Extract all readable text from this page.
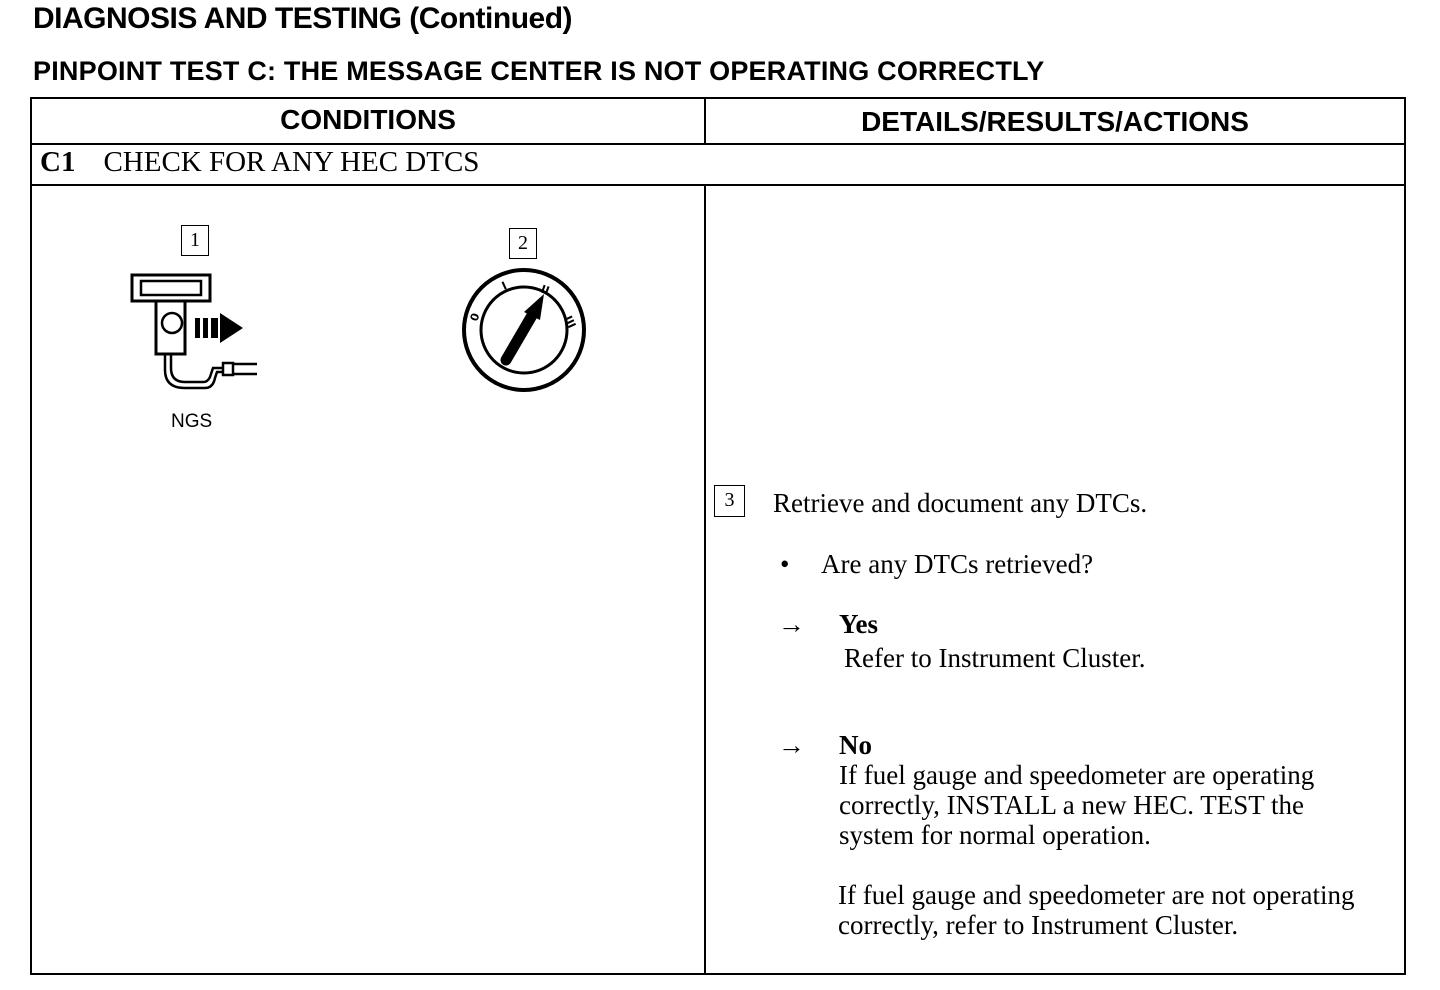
DIAGNOSIS AND TESTING (Continued)
PINPOINT TEST C: THE MESSAGE CENTER IS NOT OPERATING CORRECTLY
CONDITIONS	DETAILS/RESULTS/ACTIONS
C1 CHECK FOR ANY HEC DTCS
1
NGS
2
0
I	II
III
3	Retrieve and document any DTCs.
• Are any DTCs retrieved?
→ Yes
Refer to Instrument Cluster.
→ No
If fuel gauge and speedometer are operating correctly, INSTALL a new HEC. TEST the system for normal operation.
If fuel gauge and speedometer are not operating correctly, refer to Instrument Cluster.
